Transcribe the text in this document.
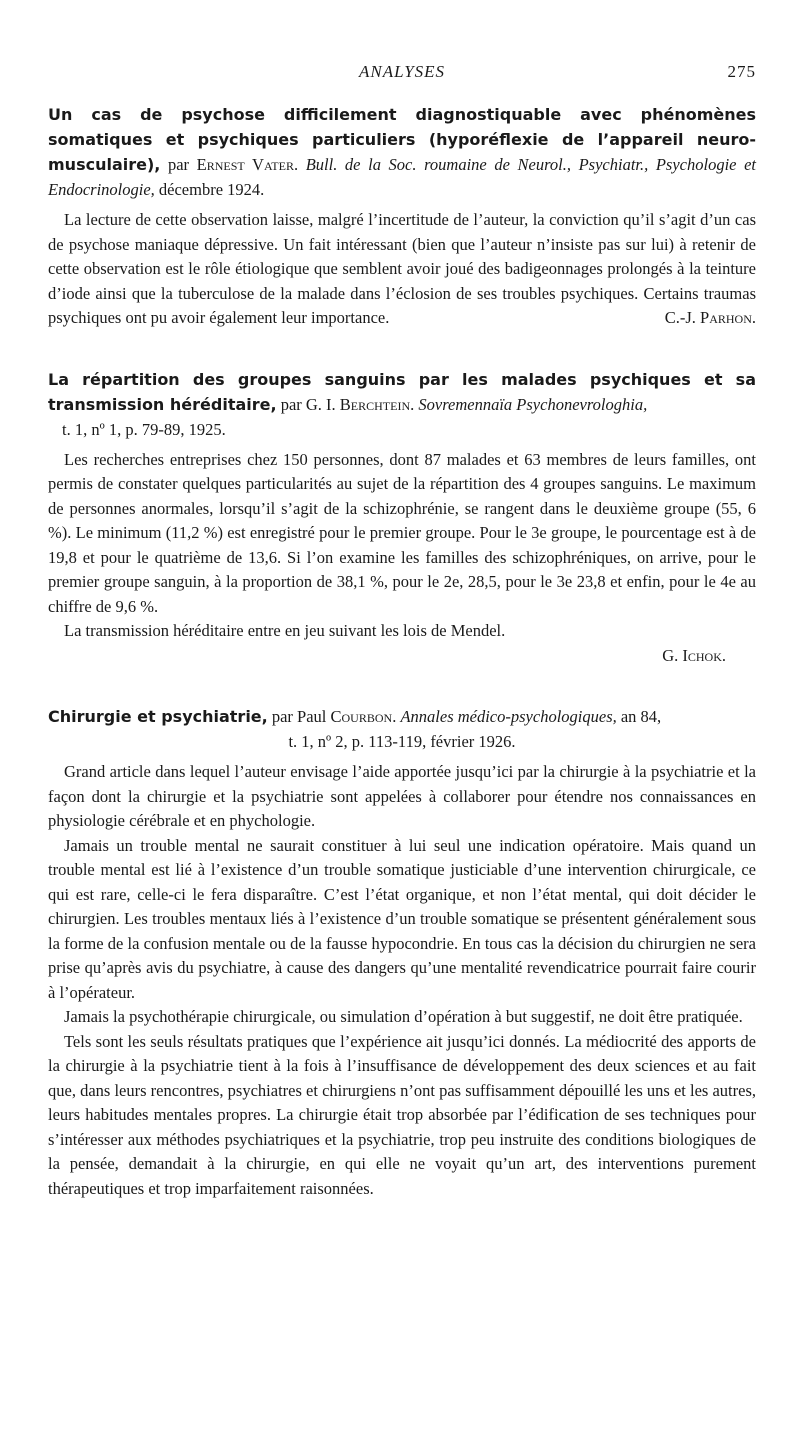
ANALYSES	275
Un cas de psychose difficilement diagnostiquable avec phénomènes somatiques et psychiques particuliers (hyporéflexie de l’appareil neuro-musculaire), par Ernest Vater. Bull. de la Soc. roumaine de Neurol., Psychiatr., Psychologie et Endocrinologie, décembre 1924.

La lecture de cette observation laisse, malgré l’incertitude de l’auteur, la conviction qu’il s’agit d’un cas de psychose maniaque dépressive. Un fait intéressant (bien que l’auteur n’insiste pas sur lui) à retenir de cette observation est le rôle étiologique que semblent avoir joué des badigeonnages prolongés à la teinture d’iode ainsi que la tuberculose de la malade dans l’éclosion de ses troubles psychiques. Certains traumas psychiques ont pu avoir également leur importance.	C.-J. Parhon.

La répartition des groupes sanguins par les malades psychiques et sa transmission héréditaire, par G. I. Berchtein. Sovremennaïa Psychonevrologhia,
t. 1, nº 1, p. 79-89, 1925.

Les recherches entreprises chez 150 personnes, dont 87 malades et 63 membres de leurs familles, ont permis de constater quelques particularités au sujet de la répartition des 4 groupes sanguins. Le maximum de personnes anormales, lorsqu’il s’agit de la schizophrénie, se rangent dans le deuxième groupe (55, 6 %). Le minimum (11,2 %) est enregistré pour le premier groupe. Pour le 3e groupe, le pourcentage est à de 19,8 et pour le quatrième de 13,6. Si l’on examine les familles des schizophréniques, on arrive, pour le premier groupe sanguin, à la proportion de 38,1 %, pour le 2e, 28,5, pour le 3e 23,8 et enfin, pour le 4e au chiffre de 9,6 %.

La transmission héréditaire entre en jeu suivant les lois de Mendel.

G. Ichok.
Chirurgie et psychiatrie, par Paul Courbon. Annales médico-psychologiques, an 84,
t. 1, nº 2, p. 113-119, février 1926.

Grand article dans lequel l’auteur envisage l’aide apportée jusqu’ici par la chirurgie à la psychiatrie et la façon dont la chirurgie et la psychiatrie sont appelées à collaborer pour étendre nos connaissances en physiologie cérébrale et en phychologie.

Jamais un trouble mental ne saurait constituer à lui seul une indication opératoire. Mais quand un trouble mental est lié à l’existence d’un trouble somatique justiciable d’une intervention chirurgicale, ce qui est rare, celle-ci le fera disparaître. C’est l’état organique, et non l’état mental, qui doit décider le chirurgien. Les troubles mentaux liés à l’existence d’un trouble somatique se présentent généralement sous la forme de la confusion mentale ou de la fausse hypocondrie. En tous cas la décision du chirurgien ne sera prise qu’après avis du psychiatre, à cause des dangers qu’une mentalité revendicatrice pourrait faire courir à l’opérateur.

Jamais la psychothérapie chirurgicale, ou simulation d’opération à but suggestif, ne doit être pratiquée.

Tels sont les seuls résultats pratiques que l’expérience ait jusqu’ici donnés. La médiocrité des apports de la chirurgie à la psychiatrie tient à la fois à l’insuffisance de développement des deux sciences et au fait que, dans leurs rencontres, psychiatres et chirurgiens n’ont pas suffisamment dépouillé les uns et les autres, leurs habitudes mentales propres. La chirurgie était trop absorbée par l’édification de ses techniques pour s’intéresser aux méthodes psychiatriques et la psychiatrie, trop peu instruite des conditions biologiques de la pensée, demandait à la chirurgie, en qui elle ne voyait qu’un art, des interventions purement thérapeutiques et trop imparfaitement raisonnées.
